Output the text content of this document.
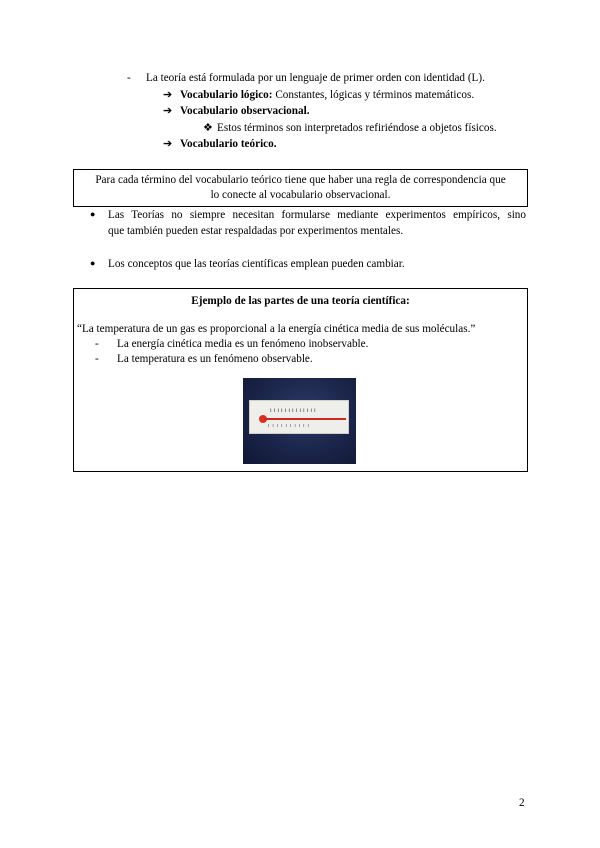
- La teoría está formulada por un lenguaje de primer orden con identidad (L).
➔ Vocabulario lógico: Constantes, lógicas y términos matemáticos.
➔ Vocabulario observacional.
❖ Estos términos son interpretados refiriéndose a objetos físicos.
➔ Vocabulario teórico.
Para cada término del vocabulario teórico tiene que haber una regla de correspondencia que
lo conecte al vocabulario observacional.
● Las Teorías no siempre necesitan formularse mediante experimentos empíricos, sino
que también pueden estar respaldadas por experimentos mentales.
● Los conceptos que las teorías científicas emplean pueden cambiar.
Ejemplo de las partes de una teoría científica:
“La temperatura de un gas es proporcional a la energía cinética media de sus moléculas.”
- La energía cinética media es un fenómeno inobservable.
- La temperatura es un fenómeno observable.
ııııııııııııı
ıııııııııı
2
